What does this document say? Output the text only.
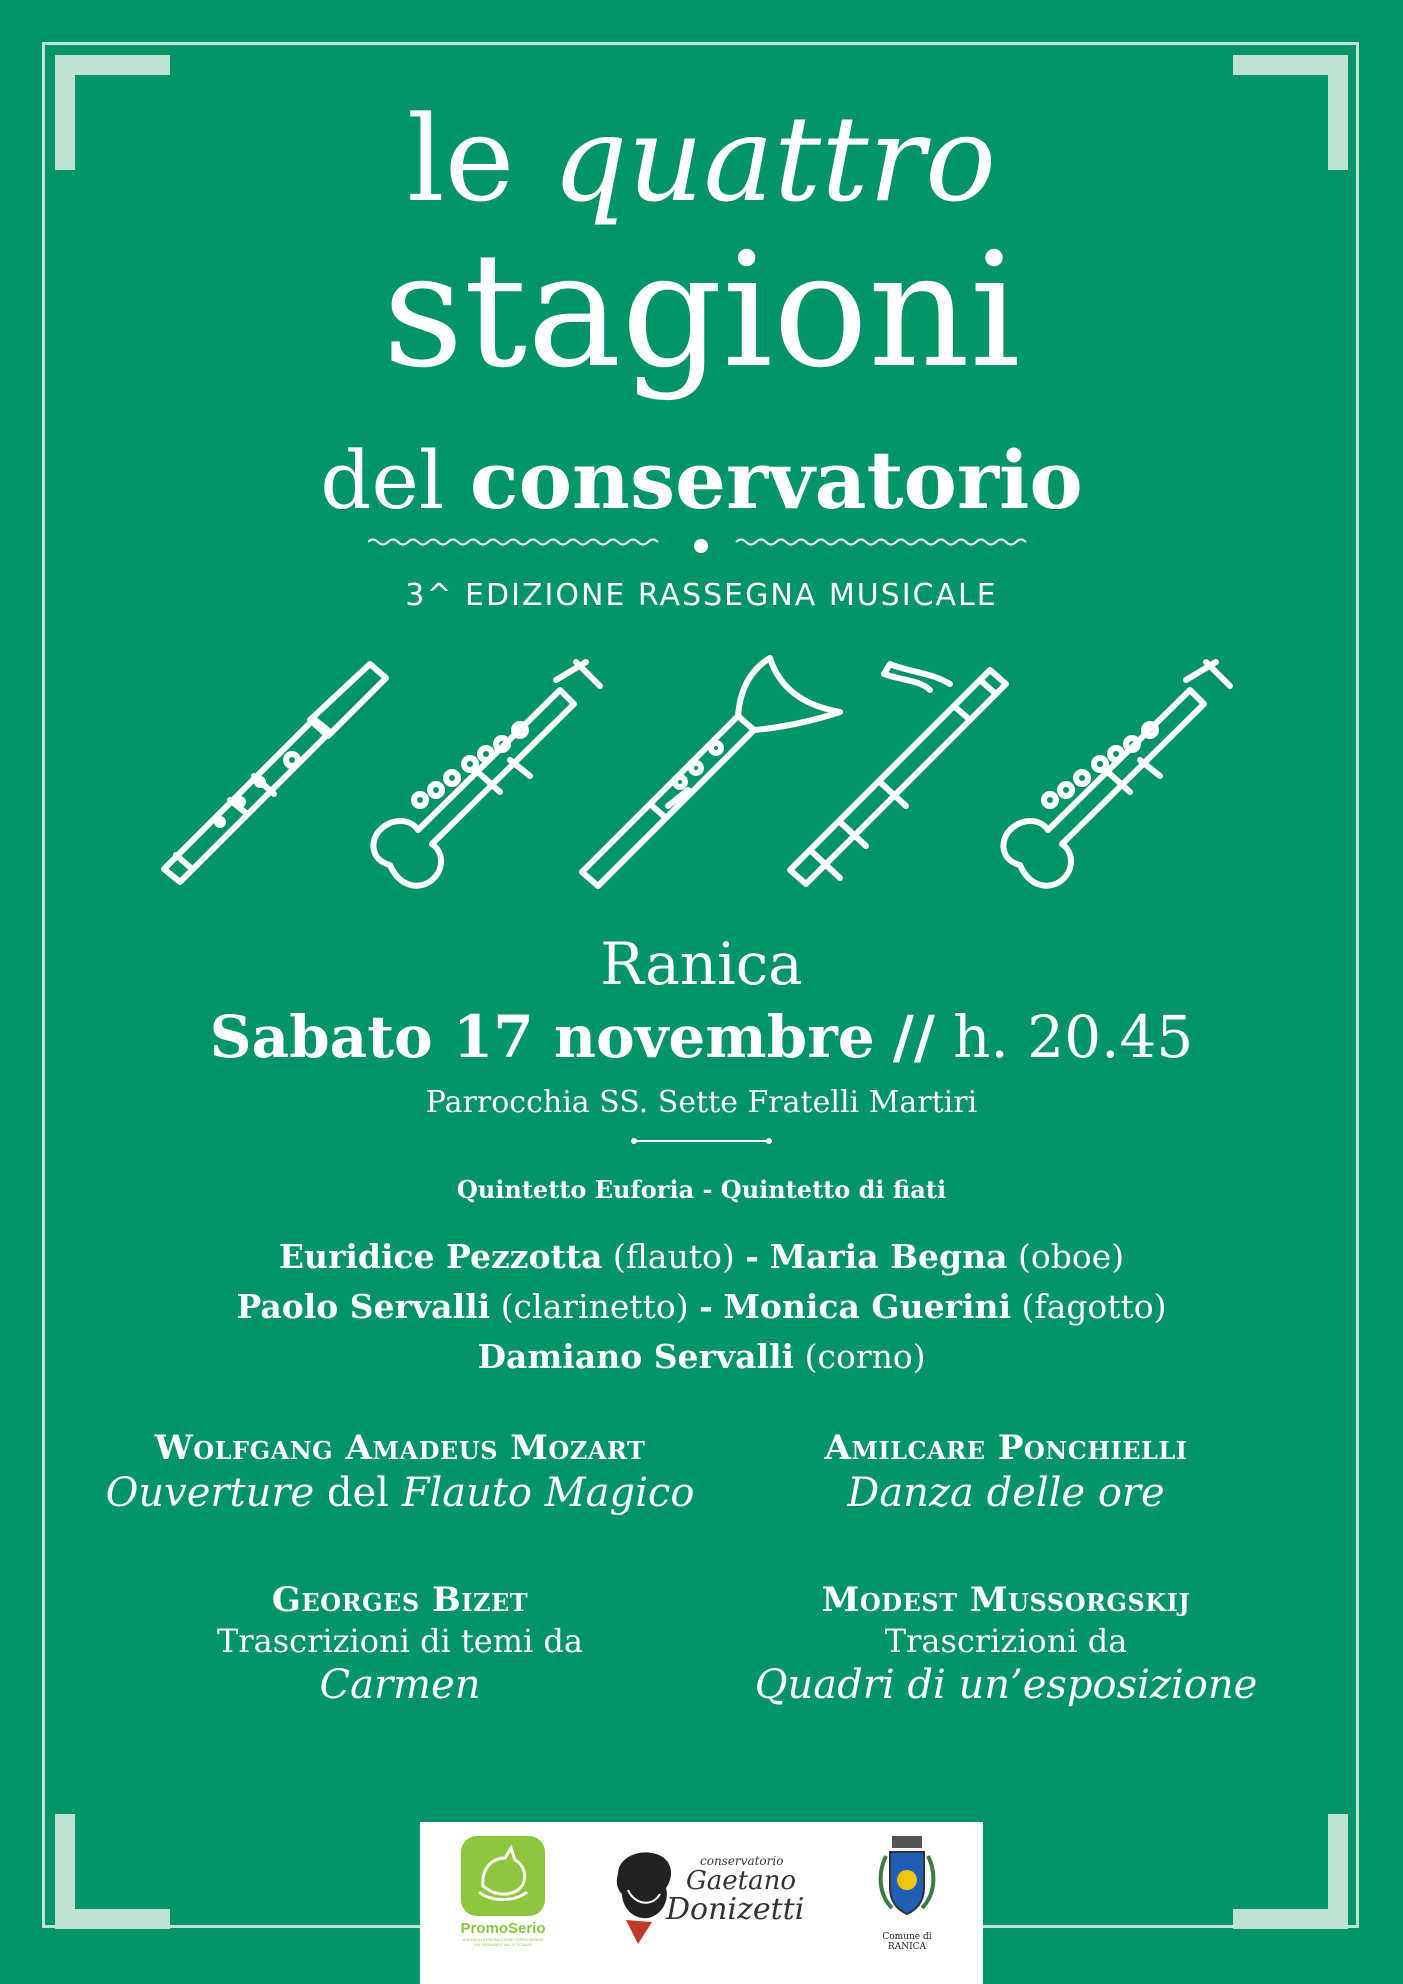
le quattro
stagioni
del conservatorio
3^ EDIZIONE RASSEGNA MUSICALE
Ranica
Sabato 17 novembre // h. 20.45
Parrocchia SS. Sette Fratelli Martiri
Quintetto Euforia - Quintetto di fiati
Euridice Pezzotta (flauto) - Maria Begna (oboe)
Paolo Servalli (clarinetto) - Monica Guerini (fagotto)
Damiano Servalli (corno)
Wolfgang Amadeus Mozart
Ouverture del Flauto Magico
Amilcare Ponchielli
Danza delle ore
Georges Bizet
Trascrizioni di temi da
Carmen
Modest Mussorgskij
Trascrizioni da
Quadri di un’esposizione
PromoSerio
AGENZIA DI PROMOZIONE TERRITORIALE
VALSERIANA E VAL DI SCALVE
conservatorio
Gaetano
Donizetti
Comune di
RANICA
